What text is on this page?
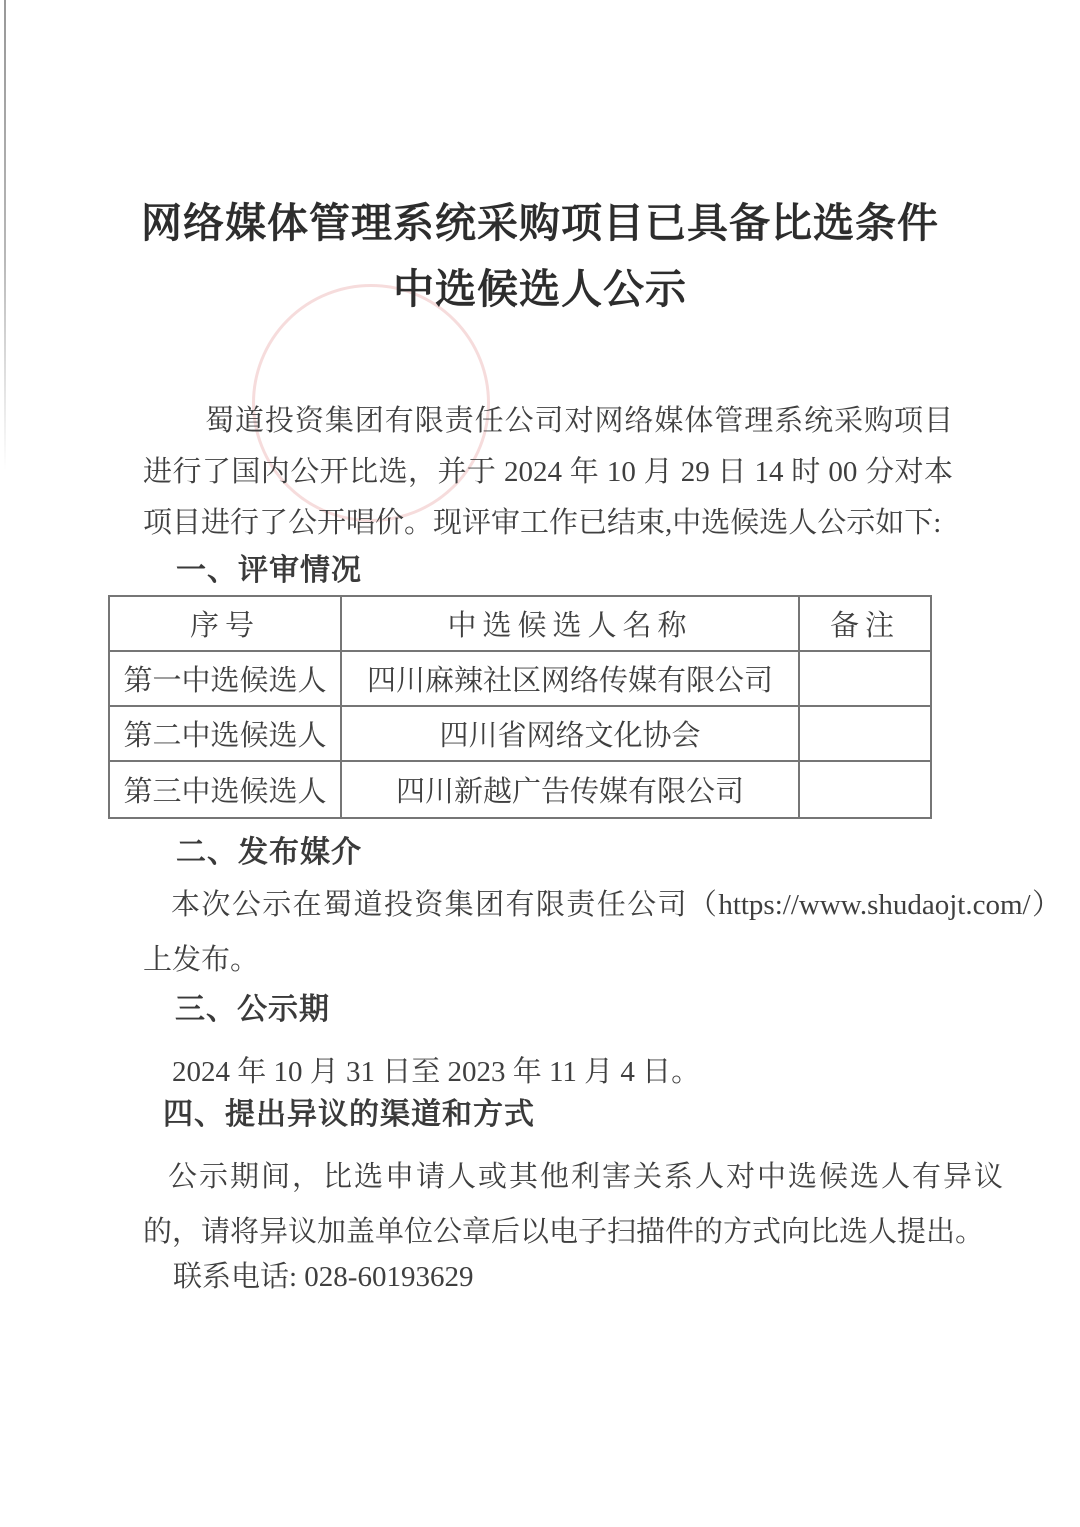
网络媒体管理系统采购项目已具备比选条件
中选候选人公示

蜀道投资集团有限责任公司对网络媒体管理系统采购项目进行了国内公开比选，并于 2024 年 10 月 29 日 14 时 00 分对本项目进行了公开唱价。现评审工作已结束,中选候选人公示如下:

一、评审情况
序号	中选候选人名称	备注
第一中选候选人	四川麻辣社区网络传媒有限公司	
第二中选候选人	四川省网络文化协会	
第三中选候选人	四川新越广告传媒有限公司	
二、发布媒介

本次公示在蜀道投资集团有限责任公司（https://www.shudaojt.com/）上发布。

三、公示期

2024 年 10 月 31 日至 2023 年 11 月 4 日。

四、提出异议的渠道和方式

公示期间，比选申请人或其他利害关系人对中选候选人有异议的，请将异议加盖单位公章后以电子扫描件的方式向比选人提出。

联系电话: 028-60193629
